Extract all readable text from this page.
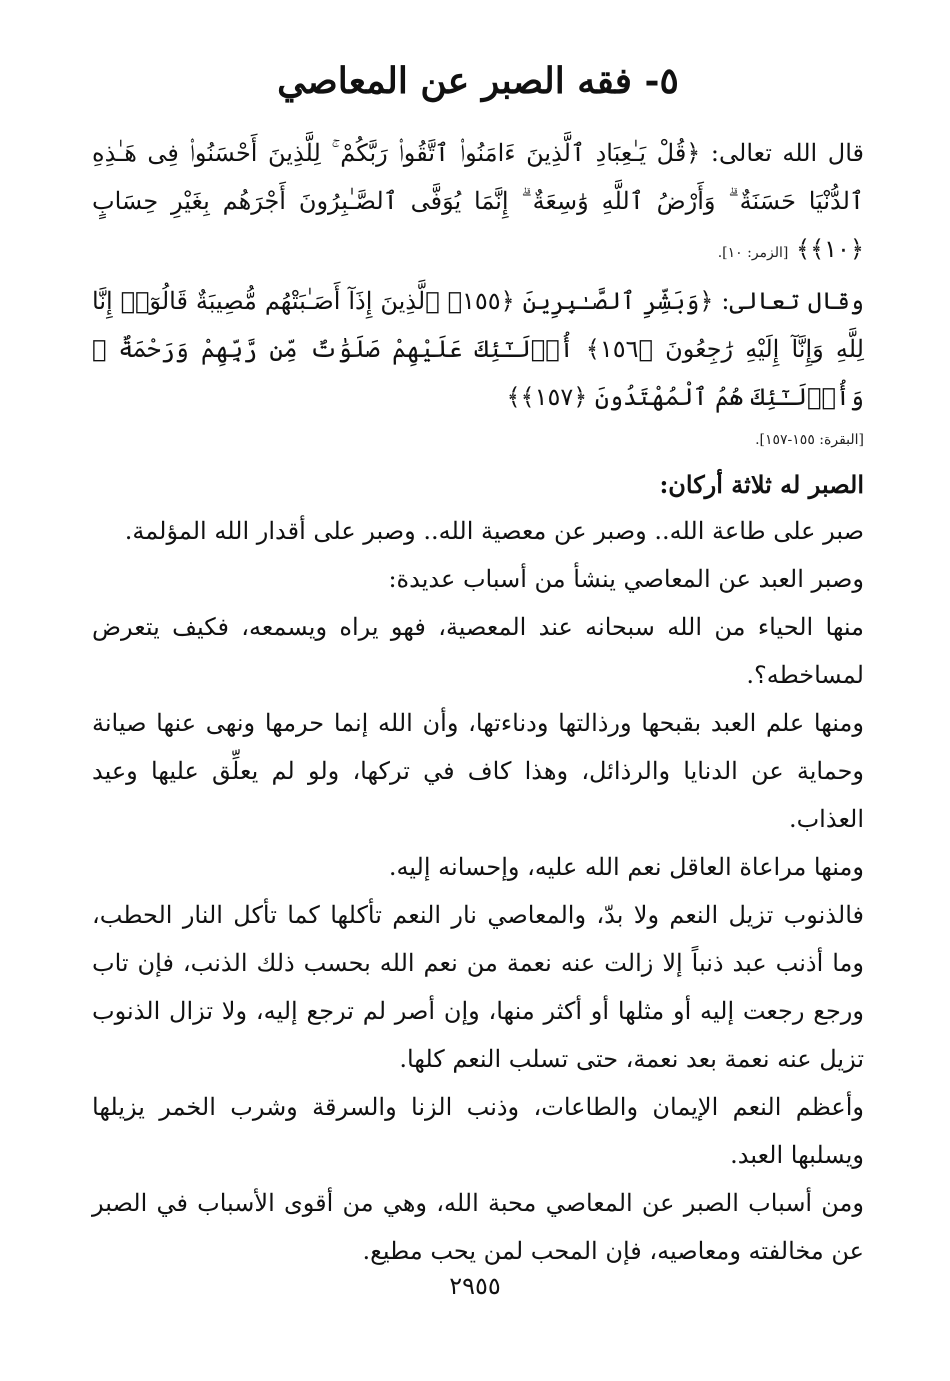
٥- فقه الصبر عن المعاصي
قال الله تعالى: ﴿قُلْ يَـٰعِبَادِ ٱلَّذِينَ ءَامَنُوا۟ ٱتَّقُوا۟ رَبَّكُمْ ۚ لِلَّذِينَ أَحْسَنُوا۟ فِى هَـٰذِهِ ٱلدُّنْيَا حَسَنَةٌ ۗ وَأَرْضُ ٱللَّهِ وَٰسِعَةٌ ۗ إِنَّمَا يُوَفَّى ٱلصَّـٰبِرُونَ أَجْرَهُم بِغَيْرِ حِسَابٍ ﴿١٠﴾﴾ [الزمر: ١٠].
وقال تعالى: ﴿وَبَشِّرِ ٱلصَّـٰبِرِينَ ﴿١٥٥﴾ ٱلَّذِينَ إِذَآ أَصَـٰبَتْهُم مُّصِيبَةٌ قَالُوٓا۟ إِنَّا لِلَّهِ وَإِنَّآ إِلَيْهِ رَٰجِعُونَ ﴿١٥٦﴾ أُو۟لَـٰٓئِكَ عَلَيْهِمْ صَلَوَٰتٌ مِّن رَّبِّهِمْ وَرَحْمَةٌ ۖ وَأُو۟لَـٰٓئِكَ هُمُ ٱلْمُهْتَدُونَ ﴿١٥٧﴾﴾
[البقرة: ١٥٥-١٥٧].
الصبر له ثلاثة أركان:

صبر على طاعة الله.. وصبر عن معصية الله.. وصبر على أقدار الله المؤلمة.

وصبر العبد عن المعاصي ينشأ من أسباب عديدة:

منها الحياء من الله سبحانه عند المعصية، فهو يراه ويسمعه، فكيف يتعرض لمساخطه؟.

ومنها علم العبد بقبحها ورذالتها ودناءتها، وأن الله إنما حرمها ونهى عنها صيانة وحماية عن الدنايا والرذائل، وهذا كاف في تركها، ولو لم يعلِّق عليها وعيد العذاب.

ومنها مراعاة العاقل نعم الله عليه، وإحسانه إليه.

فالذنوب تزيل النعم ولا بدّ، والمعاصي نار النعم تأكلها كما تأكل النار الحطب، وما أذنب عبد ذنباً إلا زالت عنه نعمة من نعم الله بحسب ذلك الذنب، فإن تاب ورجع رجعت إليه أو مثلها أو أكثر منها، وإن أصر لم ترجع إليه، ولا تزال الذنوب تزيل عنه نعمة بعد نعمة، حتى تسلب النعم كلها.

وأعظم النعم الإيمان والطاعات، وذنب الزنا والسرقة وشرب الخمر يزيلها ويسلبها العبد.

ومن أسباب الصبر عن المعاصي محبة الله، وهي من أقوى الأسباب في الصبر عن مخالفته ومعاصيه، فإن المحب لمن يحب مطيع.

٢٩٥٥
